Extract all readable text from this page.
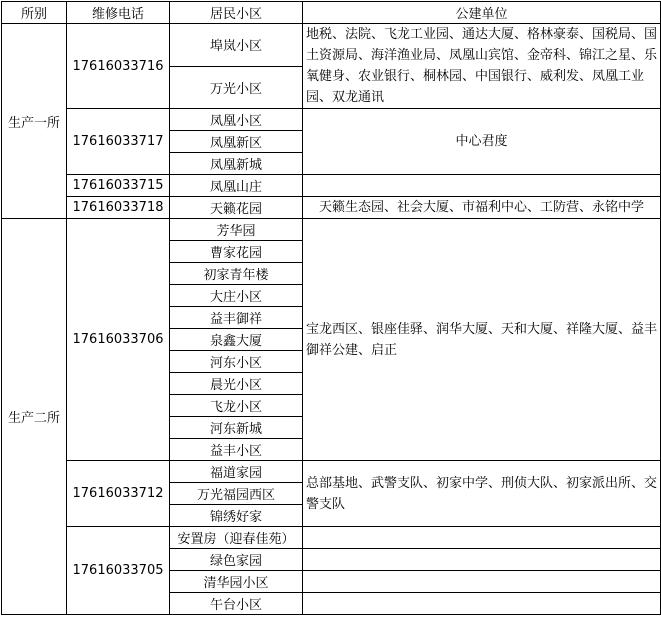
所别	维修电话	居民小区	公建单位
生产一所	17616033716	埠岚小区	地税、法院、飞龙工业园、通达大厦、格林豪泰、国税局、国土资源局、海洋渔业局、凤凰山宾馆、金帝科、锦江之星、乐氧健身、农业银行、桐林园、中国银行、威利发、凤凰工业园、双龙通讯
		万光小区	
	17616033717	凤凰小区	中心君度
		凤凰新区	
		凤凰新城	
	17616033715	凤凰山庄	
	17616033718	天籁花园	天籁生态园、社会大厦、市福利中心、工防营、永铭中学
生产二所	17616033706	芳华园	宝龙西区、银座佳驿、润华大厦、天和大厦、祥隆大厦、益丰御祥公建、启正
		曹家花园	
		初家青年楼	
		大庄小区	
		益丰御祥	
		泉鑫大厦	
		河东小区	
		晨光小区	
		飞龙小区	
		河东新城	
		益丰小区	
	17616033712	福道家园	总部基地、武警支队、初家中学、刑侦大队、初家派出所、交警支队
		万光福园西区	
		锦绣好家	
	17616033705	安置房（迎春佳苑）	
		绿色家园	
		清华园小区	
		午台小区	
